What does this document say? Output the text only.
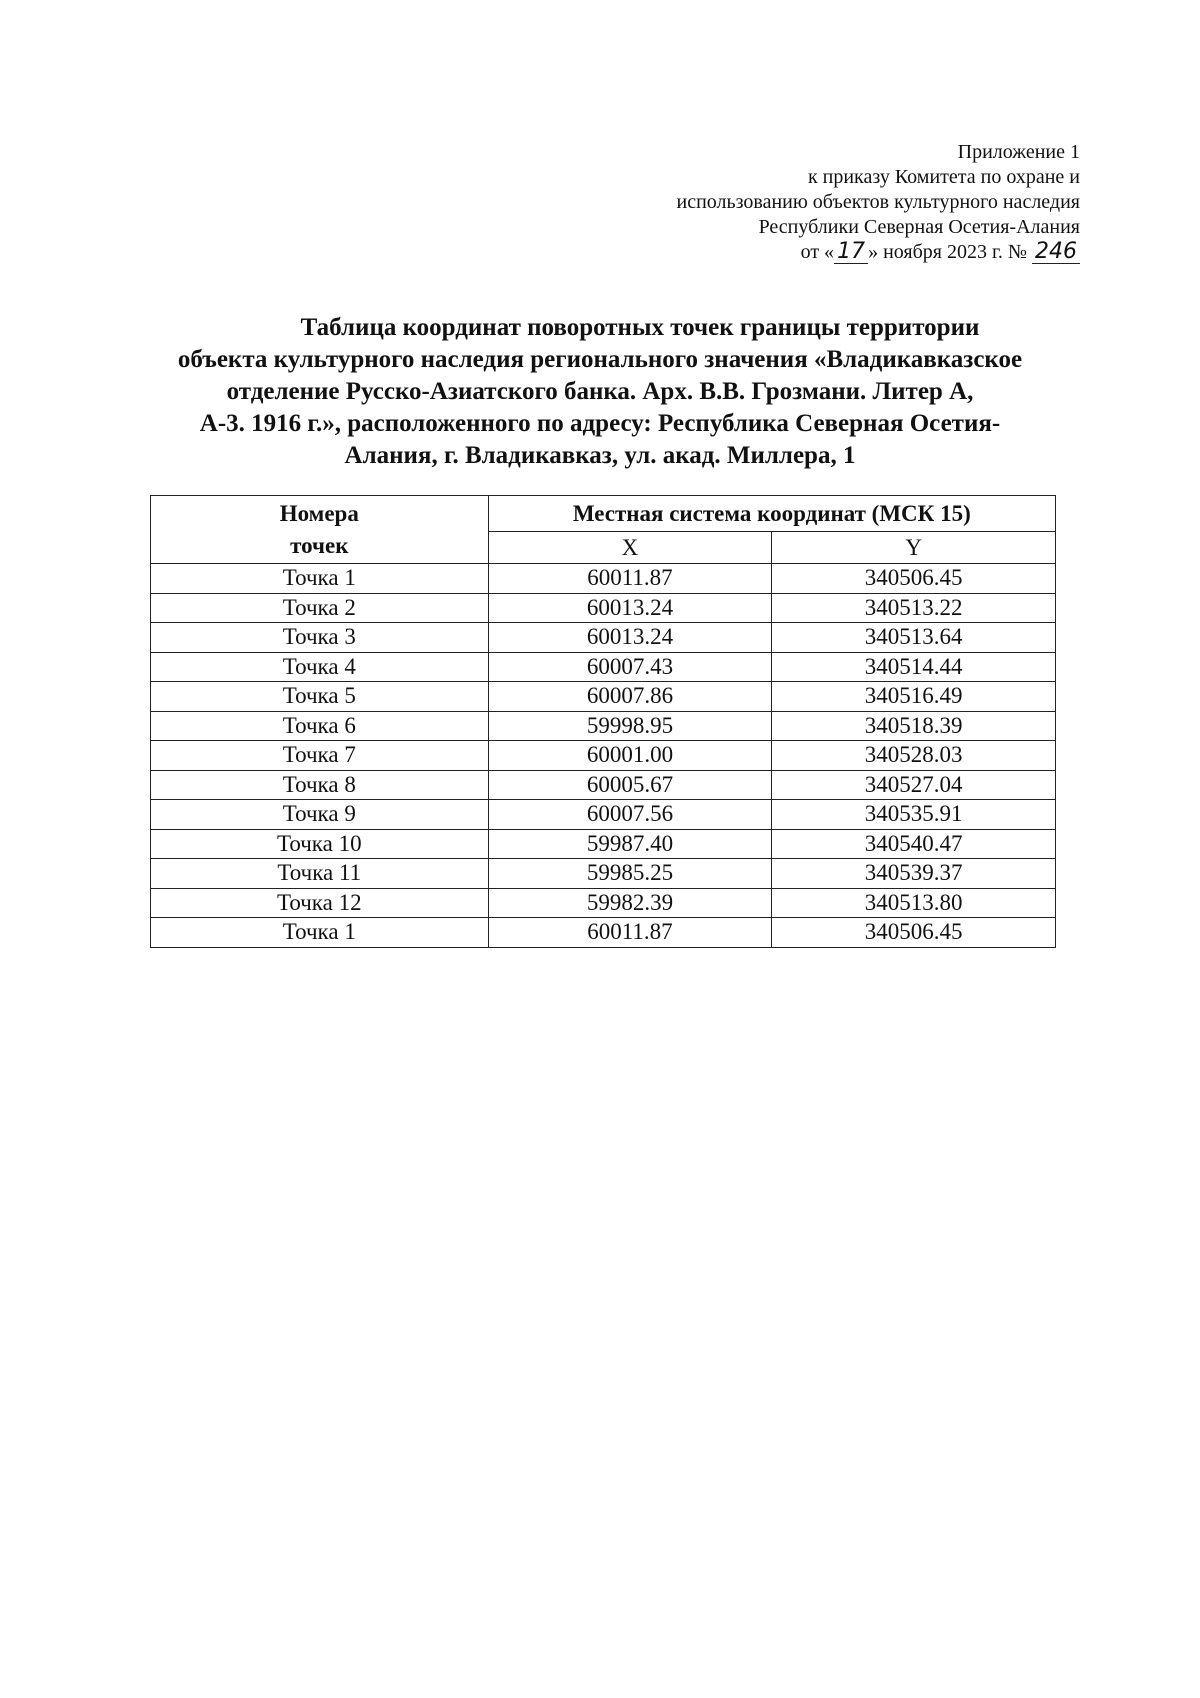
Приложение 1
к приказу Комитета по охране и
использованию объектов культурного наследия
Республики Северная Осетия-Алания
от « 17 » ноября 2023 г. № 246
Таблица координат поворотных точек границы территории
объекта культурного наследия регионального значения «Владикавказское
отделение Русско-Азиатского банка. Арх. В.В. Грозмани. Литер А,
А-3. 1916 г.», расположенного по адресу: Республика Северная Осетия-
Алания, г. Владикавказ, ул. акад. Миллера, 1
Номера
точек	Местная система координат (МСК 15)	
	X	Y
Точка 1	60011.87	340506.45
Точка 2	60013.24	340513.22
Точка 3	60013.24	340513.64
Точка 4	60007.43	340514.44
Точка 5	60007.86	340516.49
Точка 6	59998.95	340518.39
Точка 7	60001.00	340528.03
Точка 8	60005.67	340527.04
Точка 9	60007.56	340535.91
Точка 10	59987.40	340540.47
Точка 11	59985.25	340539.37
Точка 12	59982.39	340513.80
Точка 1	60011.87	340506.45
